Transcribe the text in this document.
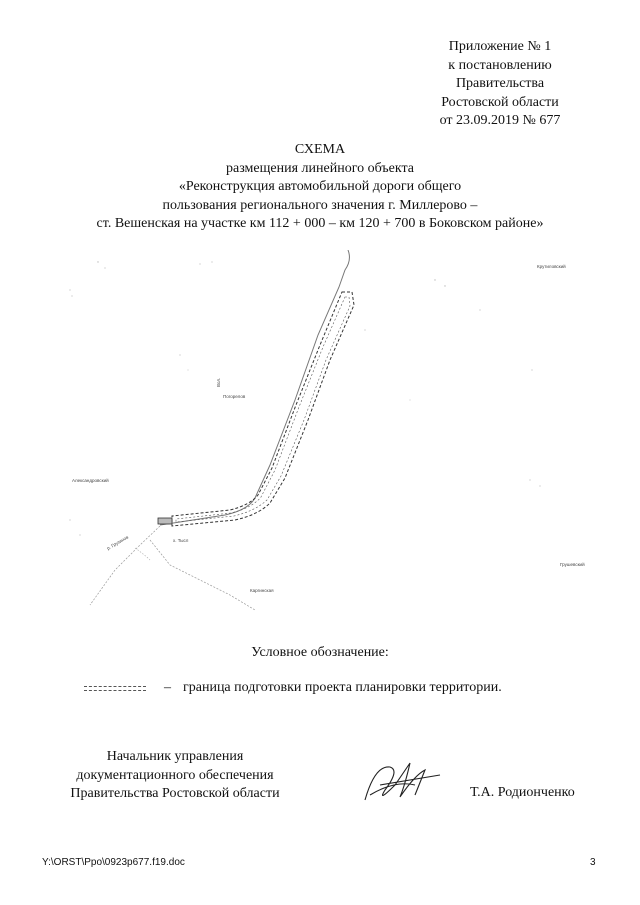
Приложение № 1
к постановлению
Правительства
Ростовской области
от 23.09.2019 № 677
СХЕМА
размещения линейного объекта
«Реконструкция автомобильной дороги общего
пользования регионального значения г. Миллерово –
ст. Вешенская на участке км 112 + 000 – км 120 + 700 в Боковском районе»
Крутиловский
Погорелов
Вол.
Александровский
р. Грузинов	х. Тысл
Каргинская
Грушевский
Условное обозначение:
– граница подготовки проекта планировки территории.
Начальник управления
документационного обеспечения
Правительства Ростовской области	Т.А. Родионченко
Y:\ORST\Ppo\0923p677.f19.doc	3
